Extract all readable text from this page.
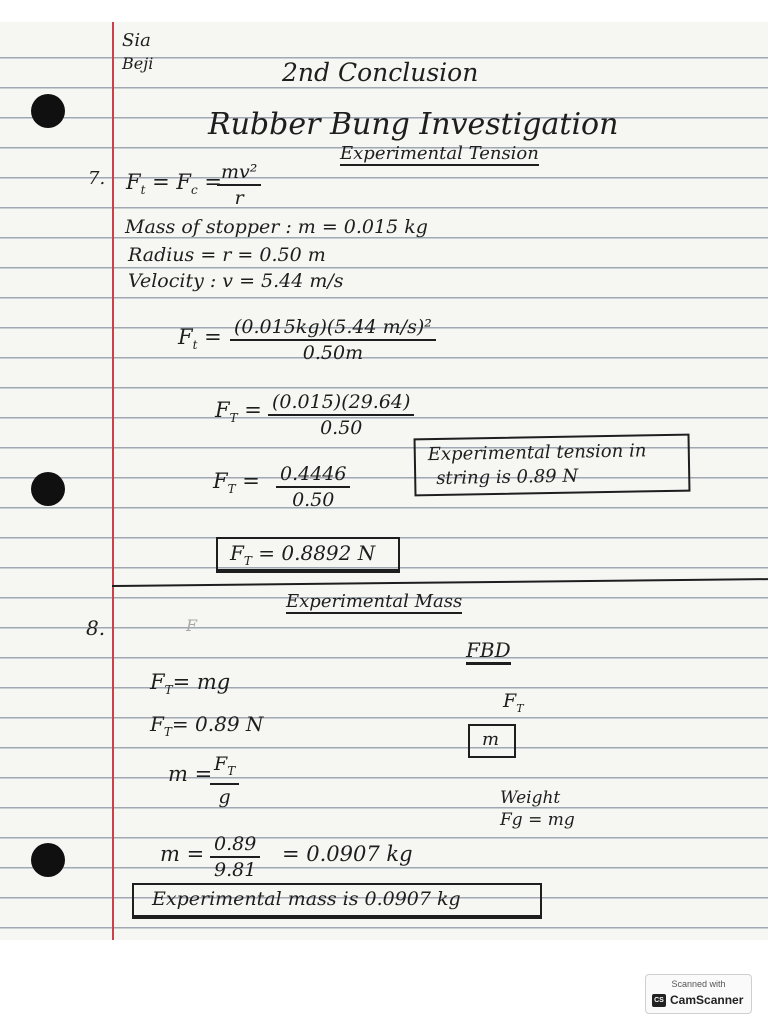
Sia
Beji	2nd Conclusion
Rubber Bung Investigation
Experimental Tension
7. $F_t = F_c$ =
$\frac{\text{mv²}}{r}$
Mass of stopper : m = 0.015 kg
Radius = r = 0.50 m
Velocity : v = 5.44 m/s
$F_t = \frac{\text{(0.015kg)(5.44 m/s)²}}{0.50m}$
$F_T = \frac{(0.015)(29.64)}{0.50}$
$F_T = \frac{0.4446}{0.50}$
Experimental tension in
string is 0.89 N
$F_T = 0.8892$ N
Experimental Mass
8.	F
$F_T=$ mg
$F_T= 0.89$ N
m =
$\frac{F_T}{g}$
$m = \frac{0.89}{9.81} = 0.0907$ kg
Experimental mass is 0.0907 kg
FBD
$F_T$
m
Weight
Fg = mg
Scanned with
CS CamScanner
